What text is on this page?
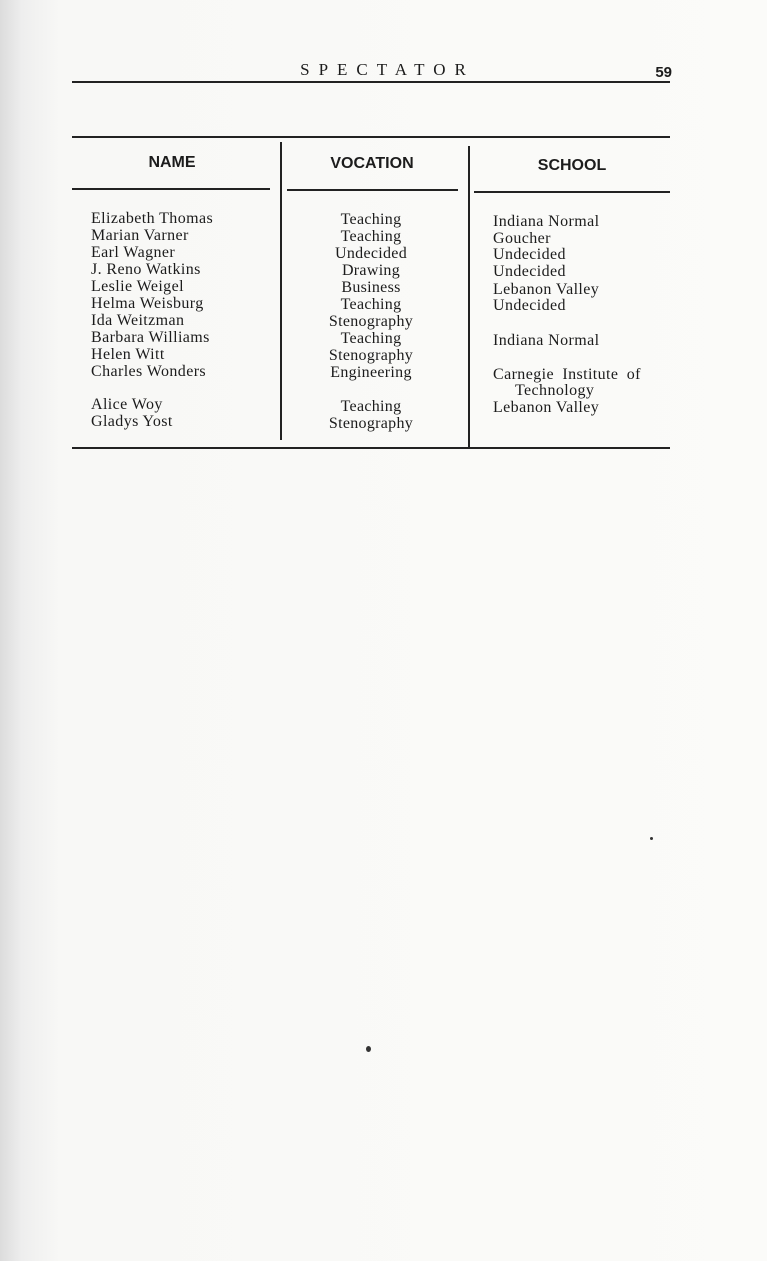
SPECTATOR	59
NAME	VOCATION	SCHOOL
Elizabeth Thomas	Teaching	Indiana Normal
Marian Varner	Teaching	Goucher
Earl Wagner	Undecided	Undecided
J. Reno Watkins	Drawing	Undecided
Leslie Weigel	Business	Lebanon Valley
Helma Weisburg	Teaching	Undecided
Ida Weitzman	Stenography
Barbara Williams	Teaching	Indiana Normal
Helen Witt	Stenography
Charles Wonders	Engineering	Carnegie Institute of
Technology
Alice Woy	Teaching	Lebanon Valley
Gladys Yost	Stenography
